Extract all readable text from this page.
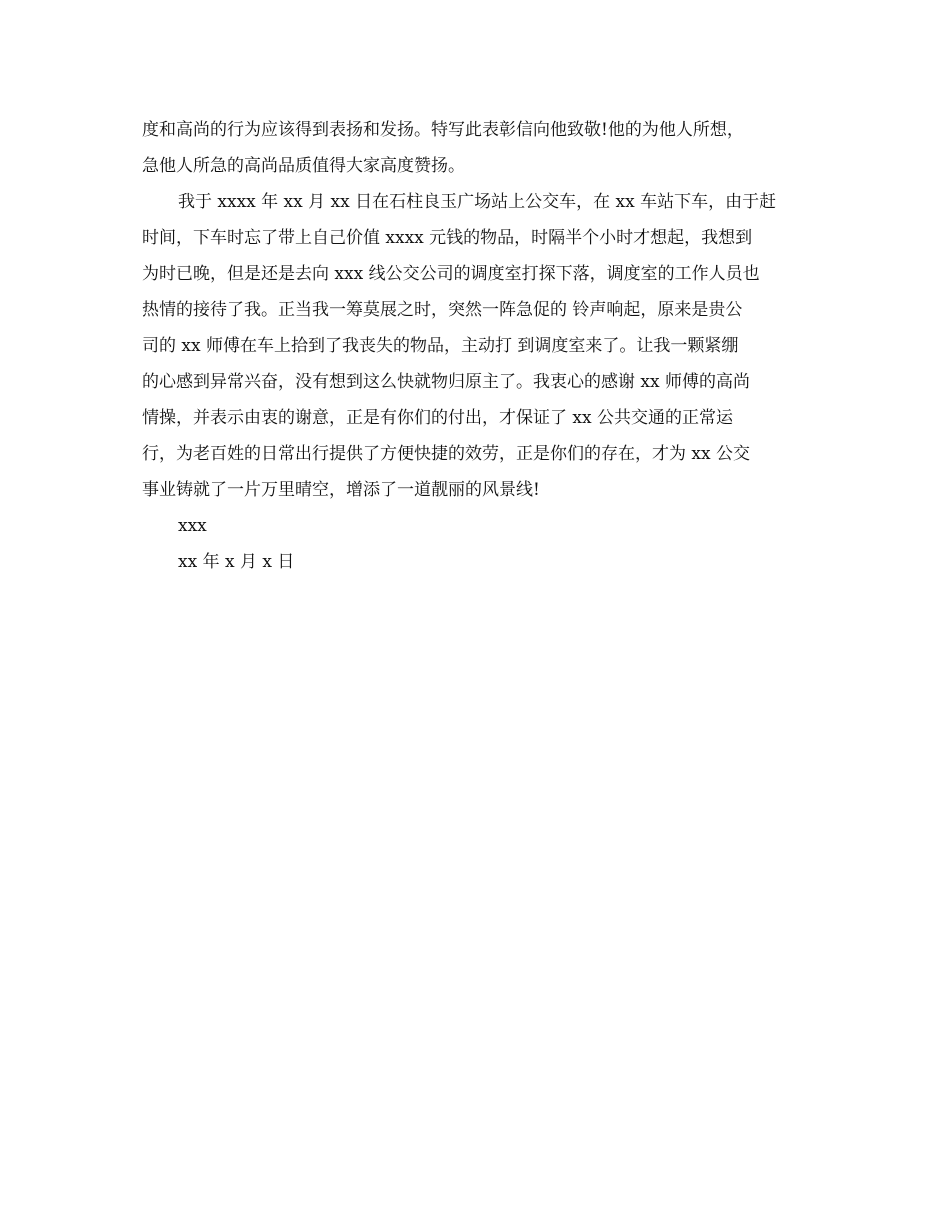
度和高尚的行为应该得到表扬和发扬。特写此表彰信向他致敬!他的为他人所想，
急他人所急的高尚品质值得大家高度赞扬。
我于 xxxx 年 xx 月 xx 日在石柱良玉广场站上公交车，在 xx 车站下车，由于赶
时间，下车时忘了带上自己价值 xxxx 元钱的物品，时隔半个小时才想起，我想到
为时已晚，但是还是去向 xxx 线公交公司的调度室打探下落，调度室的工作人员也
热情的接待了我。正当我一筹莫展之时，突然一阵急促的 铃声响起，原来是贵公
司的 xx 师傅在车上拾到了我丧失的物品，主动打 到调度室来了。让我一颗紧绷
的心感到异常兴奋，没有想到这么快就物归原主了。我衷心的感谢 xx 师傅的高尚
情操，并表示由衷的谢意，正是有你们的付出，才保证了 xx 公共交通的正常运
行，为老百姓的日常出行提供了方便快捷的效劳，正是你们的存在，才为 xx 公交
事业铸就了一片万里晴空，增添了一道靓丽的风景线!
xxx
xx 年 x 月 x 日
